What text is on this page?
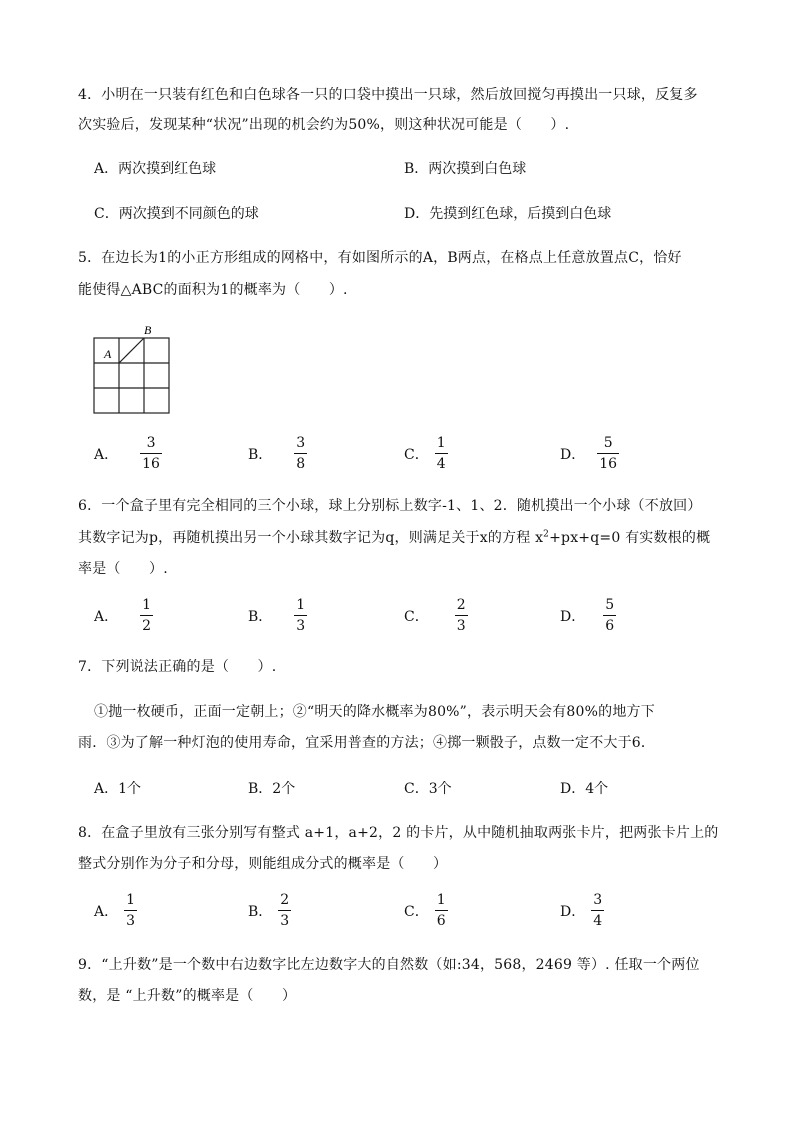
4．小明在一只装有红色和白色球各一只的口袋中摸出一只球，然后放回搅匀再摸出一只球，反复多
次实验后，发现某种“状况”出现的机会约为50%，则这种状况可能是（　　）.
A．两次摸到红色球	B．两次摸到白色球
C．两次摸到不同颜色的球	D．先摸到红色球，后摸到白色球
5．在边长为1的小正方形组成的网格中，有如图所示的A，B两点，在格点上任意放置点C，恰好
能使得△ABC的面积为1的概率为（　　）.
A
B
A． $\frac{3}{16}$	B． $\frac{3}{8}$	C． $\frac{1}{4}$	D． $\frac{5}{16}$
6．一个盒子里有完全相同的三个小球，球上分别标上数字-1、1、2．随机摸出一个小球（不放回）
其数字记为p，再随机摸出另一个小球其数字记为q，则满足关于x的方程 $x^2+px+q=0$ 有实数根的概
率是（　　）.
A． $\frac{1}{2}$	B． $\frac{1}{3}$	C． $\frac{2}{3}$	D． $\frac{5}{6}$
7．下列说法正确的是（　　）.
①抛一枚硬币，正面一定朝上；②“明天的降水概率为80%”，表示明天会有80%的地方下
雨．③为了解一种灯泡的使用寿命，宜采用普查的方法；④掷一颗骰子，点数一定不大于6．
A．1个	B．2个	C．3个	D．4个
8．在盒子里放有三张分别写有整式 a+1，a+2，2 的卡片，从中随机抽取两张卡片，把两张卡片上的
整式分别作为分子和分母，则能组成分式的概率是（　　）
A． $\frac{1}{3}$	B． $\frac{2}{3}$	C． $\frac{1}{6}$	D． $\frac{3}{4}$
9．“上升数”是一个数中右边数字比左边数字大的自然数（如:34，568，2469 等）. 任取一个两位
数，是 “上升数”的概率是（　　）
